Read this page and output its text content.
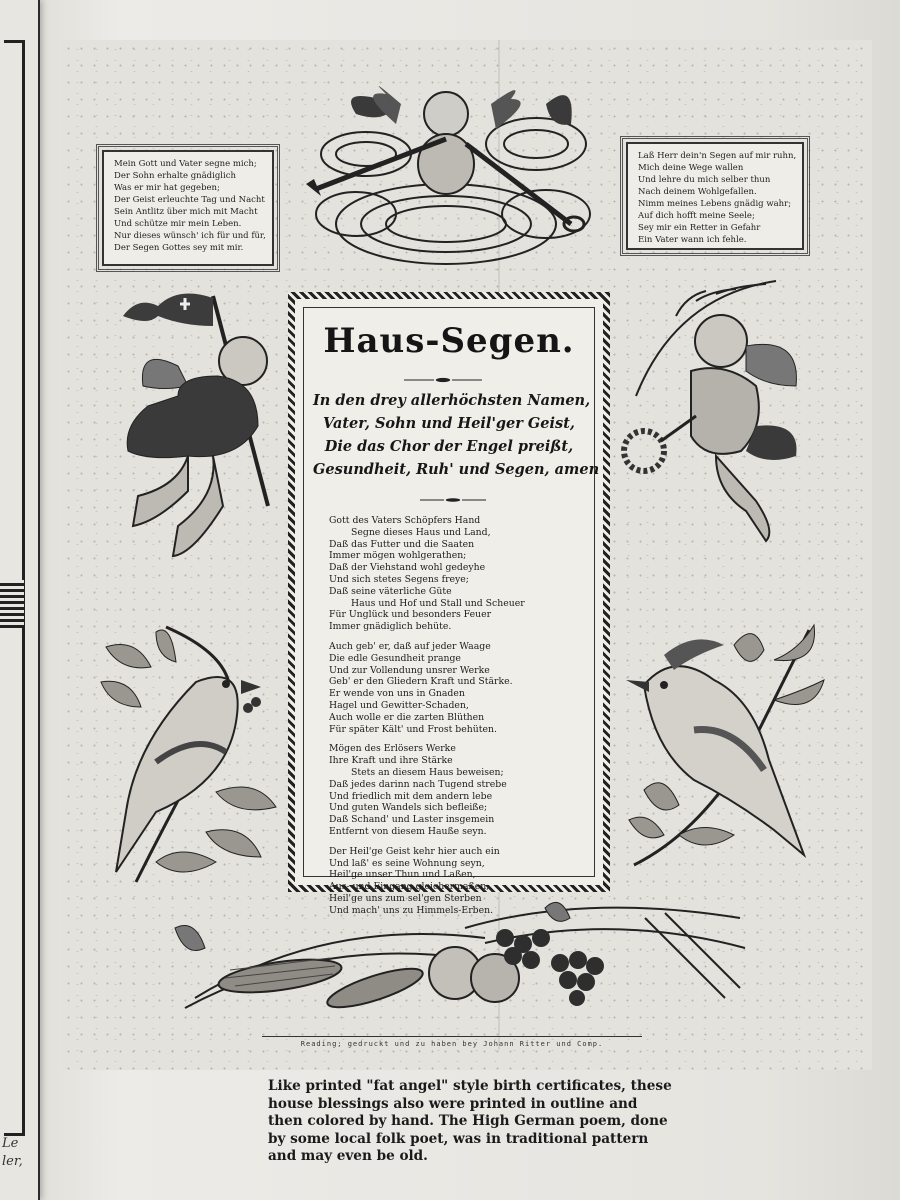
Le
ler,
Mein Gott und Vater segne mich;
Der Sohn erhalte gnädiglich
Was er mir hat gegeben;
Der Geist erleuchte Tag und Nacht
Sein Antlitz über mich mit Macht
Und schütze mir mein Leben.
Nur dieses wünsch' ich für und für,
Der Segen Gottes sey mit mir.
Laß Herr dein'n Segen auf mir ruhn,
Mich deine Wege wallen
Und lehre du mich selber thun
Nach deinem Wohlgefallen.
Nimm meines Lebens gnädig wahr;
Auf dich hofft meine Seele;
Sey mir ein Retter in Gefahr
Ein Vater wann ich fehle.
Haus-Segen.
In den drey allerhöchsten Namen,
Vater, Sohn und Heil'ger Geist,
Die das Chor der Engel preißt,
Gesundheit, Ruh' und Segen, amen
Gott des Vaters Schöpfers Hand
Segne dieses Haus und Land,
Daß das Futter und die Saaten
Immer mögen wohlgerathen;
Daß der Viehstand wohl gedeyhe
Und sich stetes Segens freye;
Daß seine väterliche Güte
Haus und Hof und Stall und Scheuer
Für Unglück und besonders Feuer
Immer gnädiglich behüte.
Auch geb' er, daß auf jeder Waage
Die edle Gesundheit prange
Und zur Vollendung unsrer Werke
Geb' er den Gliedern Kraft und Stärke.
Er wende von uns in Gnaden
Hagel und Gewitter-Schaden,
Auch wolle er die zarten Blüthen
Für später Kält' und Frost behüten.
Mögen des Erlösers Werke
Ihre Kraft und ihre Stärke
Stets an diesem Haus beweisen;
Daß jedes darinn nach Tugend strebe
Und friedlich mit dem andern lebe
Und guten Wandels sich befleiße;
Daß Schand' und Laster insgemein
Entfernt von diesem Hauße seyn.
Der Heil'ge Geist kehr hier auch ein
Und laß' es seine Wohnung seyn,
Heil'ge unser Thun und Laßen,
Aus- und Eingang gleichermaßen;
Heil'ge uns zum sel'gen Sterben
Und mach' uns zu Himmels-Erben.
Reading; gedruckt und zu haben bey Johann Ritter und Comp.
Like printed "fat angel" style birth certificates, these house blessings also were printed in outline and then colored by hand. The High German poem, done by some local folk poet, was in traditional pattern and may even be old.
